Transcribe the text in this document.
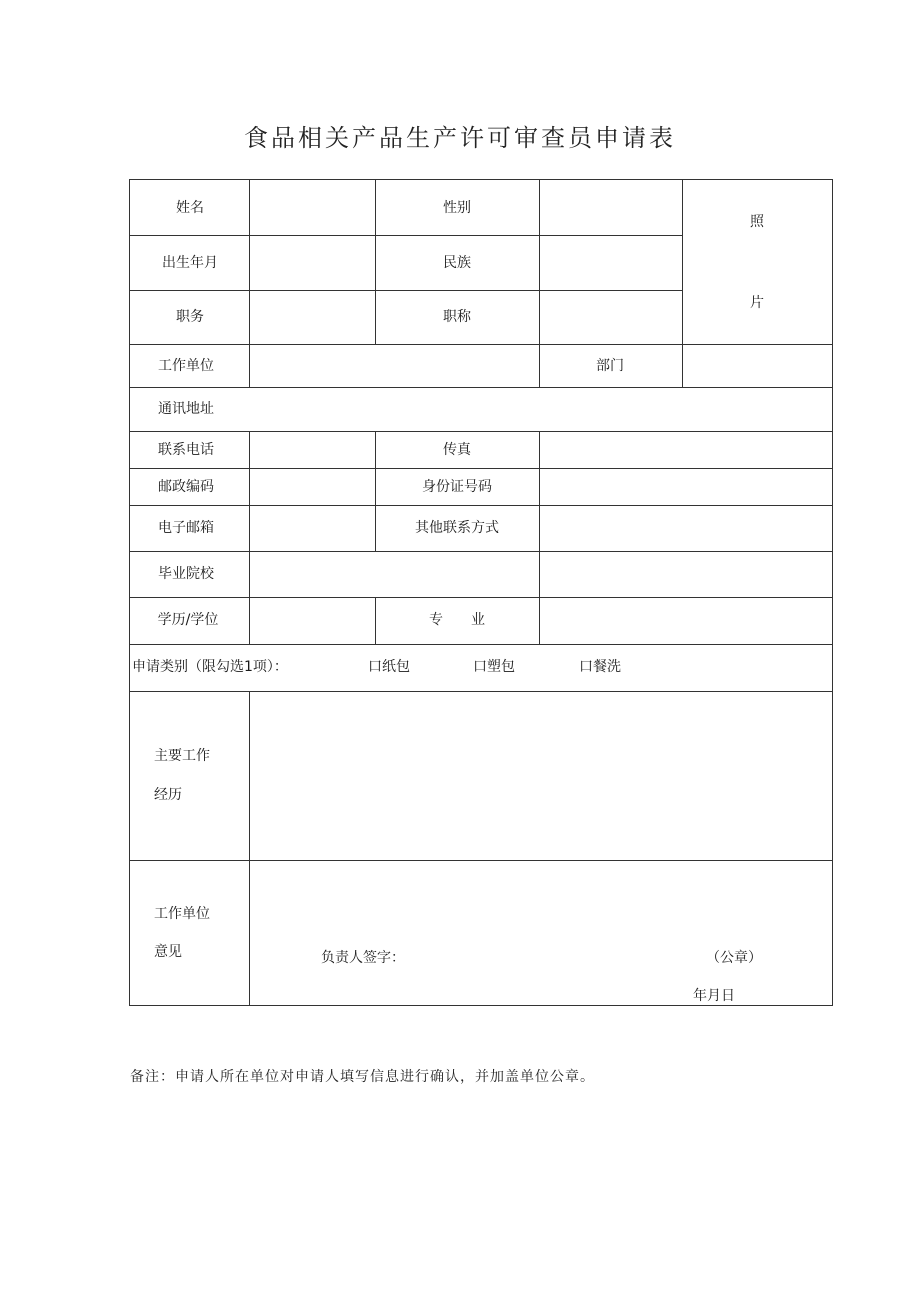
食品相关产品生产许可审查员申请表
姓名	性别
照
片
出生年月	民族
职务	职称
工作单位	部门
通讯地址
联系电话	传真
邮政编码	身份证号码
电子邮箱	其他联系方式
毕业院校
学历/学位	专　　业
申请类别（限勾选1项）：	口纸包	口塑包	口餐洗
主要工作
经历
工作单位
意见	负责人签字：	（公章）
年月日
备注：申请人所在单位对申请人填写信息进行确认，并加盖单位公章。
